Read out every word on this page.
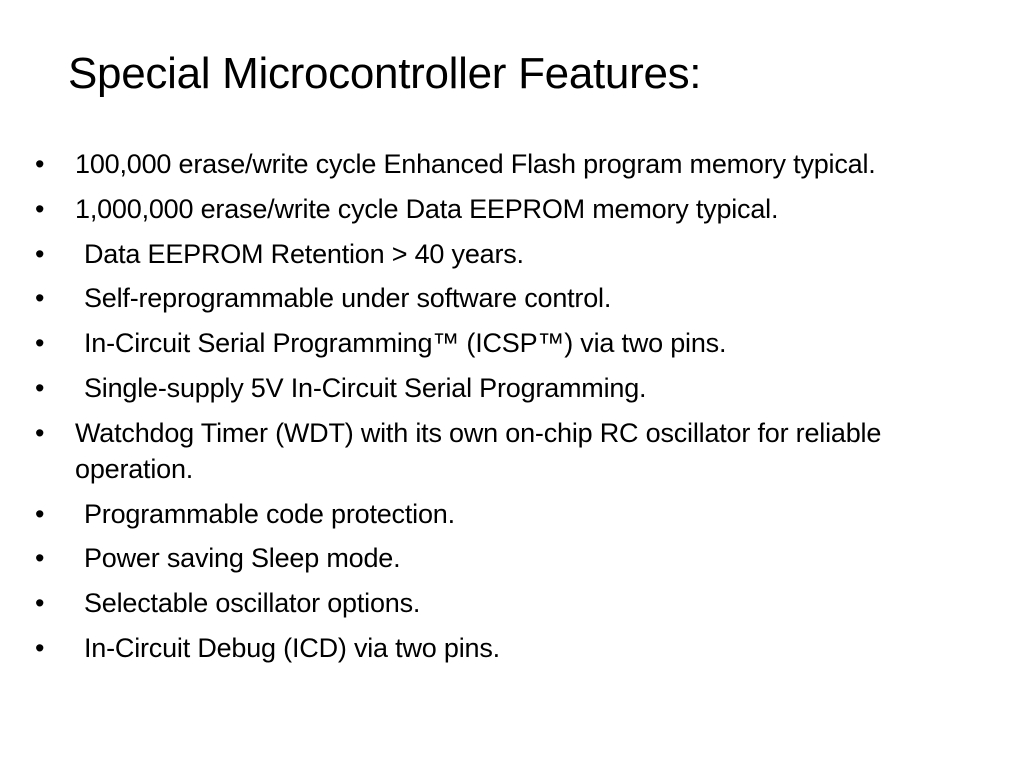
Special Microcontroller Features:
• 100,000 erase/write cycle Enhanced Flash program memory typical.
• 1,000,000 erase/write cycle Data EEPROM memory typical.
• Data EEPROM Retention > 40 years.
• Self-reprogrammable under software control.
• In-Circuit Serial Programming™ (ICSP™) via two pins.
• Single-supply 5V In-Circuit Serial Programming.
• Watchdog Timer (WDT) with its own on-chip RC oscillator for reliable operation.
• Programmable code protection.
• Power saving Sleep mode.
• Selectable oscillator options.
• In-Circuit Debug (ICD) via two pins.
